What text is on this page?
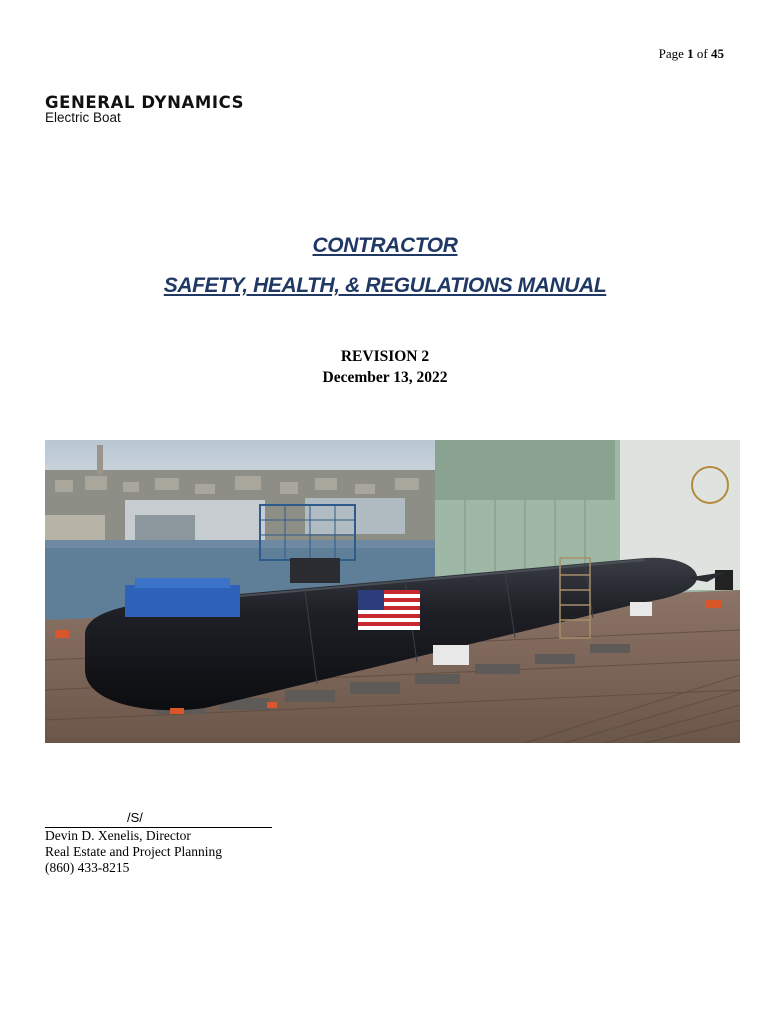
Page 1 of 45
GENERAL DYNAMICS
Electric Boat
CONTRACTOR
SAFETY, HEALTH, & REGULATIONS MANUAL
REVISION 2
December 13, 2022
/S/
Devin D. Xenelis, Director
Real Estate and Project Planning
(860) 433-8215
